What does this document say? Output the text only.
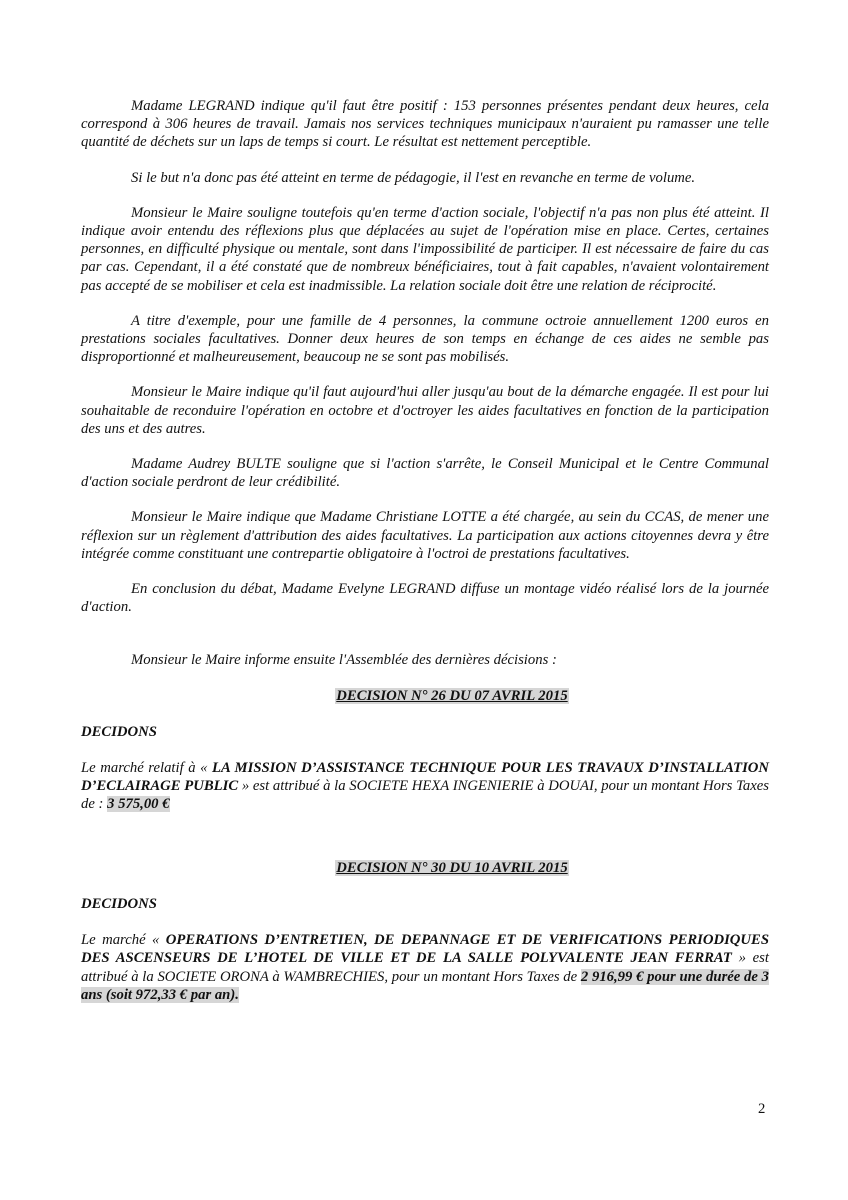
Madame LEGRAND indique qu'il faut être positif : 153 personnes présentes pendant deux heures, cela correspond à 306 heures de travail. Jamais nos services techniques municipaux n'auraient pu ramasser une telle quantité de déchets sur un laps de temps si court. Le résultat est nettement perceptible.

Si le but n'a donc pas été atteint en terme de pédagogie, il l'est en revanche en terme de volume.

Monsieur le Maire souligne toutefois qu'en terme d'action sociale, l'objectif n'a pas non plus été atteint. Il indique avoir entendu des réflexions plus que déplacées au sujet de l'opération mise en place. Certes, certaines personnes, en difficulté physique ou mentale, sont dans l'impossibilité de participer. Il est nécessaire de faire du cas par cas. Cependant, il a été constaté que de nombreux bénéficiaires, tout à fait capables, n'avaient volontairement pas accepté de se mobiliser et cela est inadmissible. La relation sociale doit être une relation de réciprocité.

A titre d'exemple, pour une famille de 4 personnes, la commune octroie annuellement 1200 euros en prestations sociales facultatives. Donner deux heures de son temps en échange de ces aides ne semble pas disproportionné et malheureusement, beaucoup ne se sont pas mobilisés.

Monsieur le Maire indique qu'il faut aujourd'hui aller jusqu'au bout de la démarche engagée. Il est pour lui souhaitable de reconduire l'opération en octobre et d'octroyer les aides facultatives en fonction de la participation des uns et des autres.

Madame Audrey BULTE souligne que si l'action s'arrête, le Conseil Municipal et le Centre Communal d'action sociale perdront de leur crédibilité.

Monsieur le Maire indique que Madame Christiane LOTTE a été chargée, au sein du CCAS, de mener une réflexion sur un règlement d'attribution des aides facultatives. La participation aux actions citoyennes devra y être intégrée comme constituant une contrepartie obligatoire à l'octroi de prestations facultatives.

En conclusion du débat, Madame Evelyne LEGRAND diffuse un montage vidéo réalisé lors de la journée d'action.

Monsieur le Maire informe ensuite l'Assemblée des dernières décisions :

DECISION N° 26 DU 07 AVRIL 2015

DECIDONS

Le marché relatif à « LA MISSION D’ASSISTANCE TECHNIQUE POUR LES TRAVAUX D’INSTALLATION D’ECLAIRAGE PUBLIC » est attribué à la SOCIETE HEXA INGENIERIE à DOUAI, pour un montant Hors Taxes de : 3 575,00 €

DECISION N° 30 DU 10 AVRIL 2015

DECIDONS

Le marché « OPERATIONS D’ENTRETIEN, DE DEPANNAGE ET DE VERIFICATIONS PERIODIQUES DES ASCENSEURS DE L’HOTEL DE VILLE ET DE LA SALLE POLYVALENTE JEAN FERRAT » est attribué à la SOCIETE ORONA à WAMBRECHIES, pour un montant Hors Taxes de 2 916,99 € pour une durée de 3 ans (soit 972,33 € par an).

2
